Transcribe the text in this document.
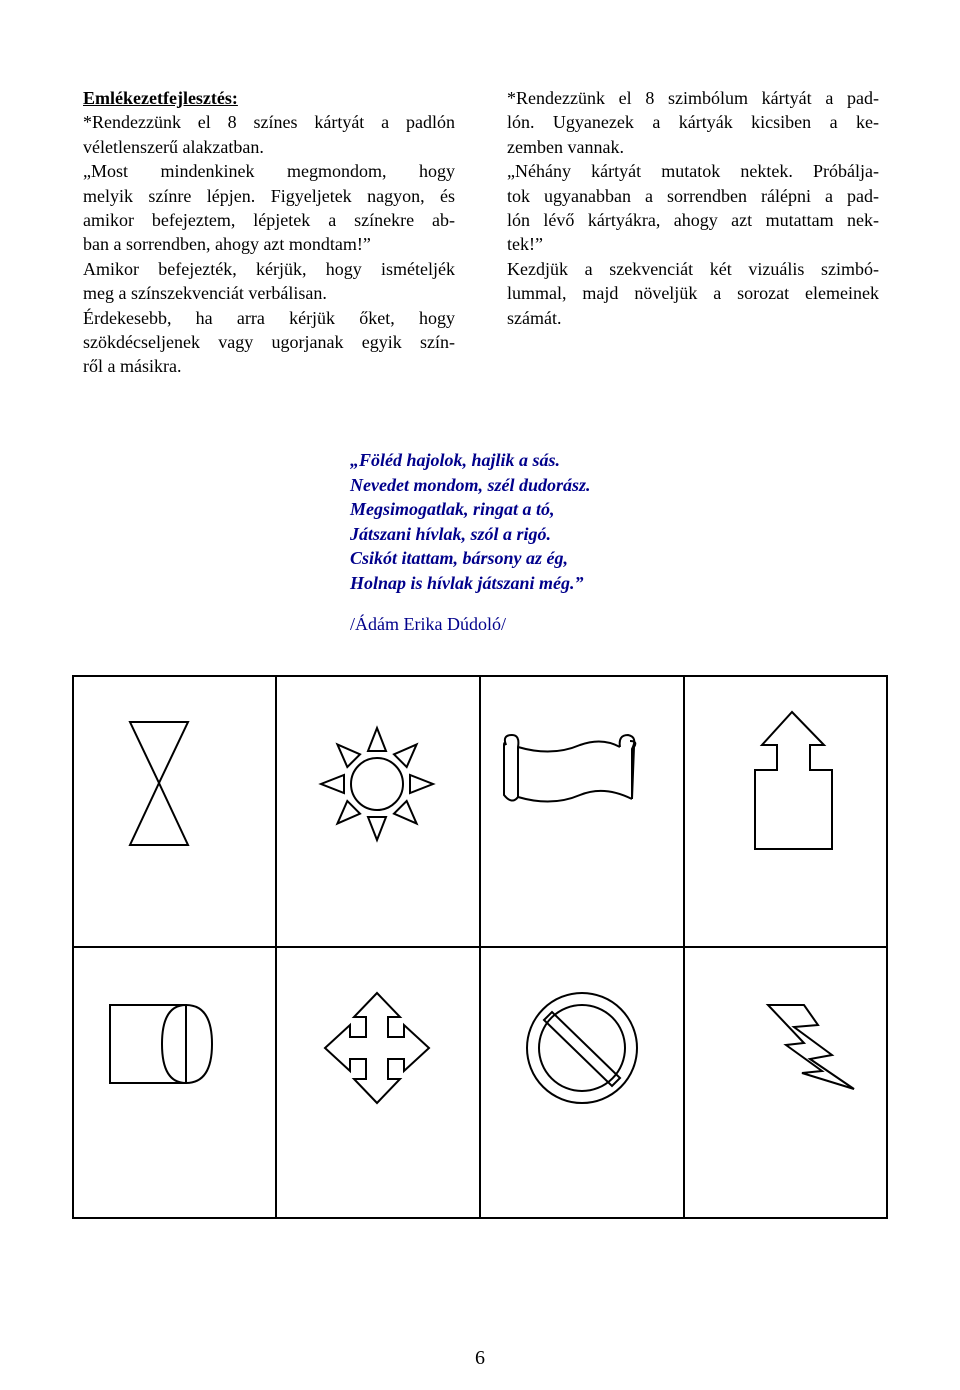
Emlékezetfejlesztés:
*Rendezzünk el 8 színes kártyát a padlón
véletlenszerű alakzatban.
„Most mindenkinek megmondom, hogy
melyik színre lépjen. Figyeljetek nagyon, és
amikor befejeztem, lépjetek a színekre ab-
ban a sorrendben, ahogy azt mondtam!”
Amikor befejezték, kérjük, hogy ismételjék
meg a színszekvenciát verbálisan.
Érdekesebb, ha arra kérjük őket, hogy
szökdécseljenek vagy ugorjanak egyik szín-
ről a másikra.
*Rendezzünk el 8 szimbólum kártyát a pad-
lón. Ugyanezek a kártyák kicsiben a ke-
zemben vannak.
„Néhány kártyát mutatok nektek. Próbálja-
tok ugyanabban a sorrendben rálépni a pad-
lón lévő kártyákra, ahogy azt mutattam nek-
tek!”
Kezdjük a szekvenciát két vizuális szimbó-
lummal, majd növeljük a sorozat elemeinek
számát.
„Föléd hajolok, hajlik a sás.
Nevedet mondom, szél dudorász.
Megsimogatlak, ringat a tó,
Játszani hívlak, szól a rigó.
Csikót itattam, bársony az ég,
Holnap is hívlak játszani még.”
/Ádám Erika Dúdoló/
6
